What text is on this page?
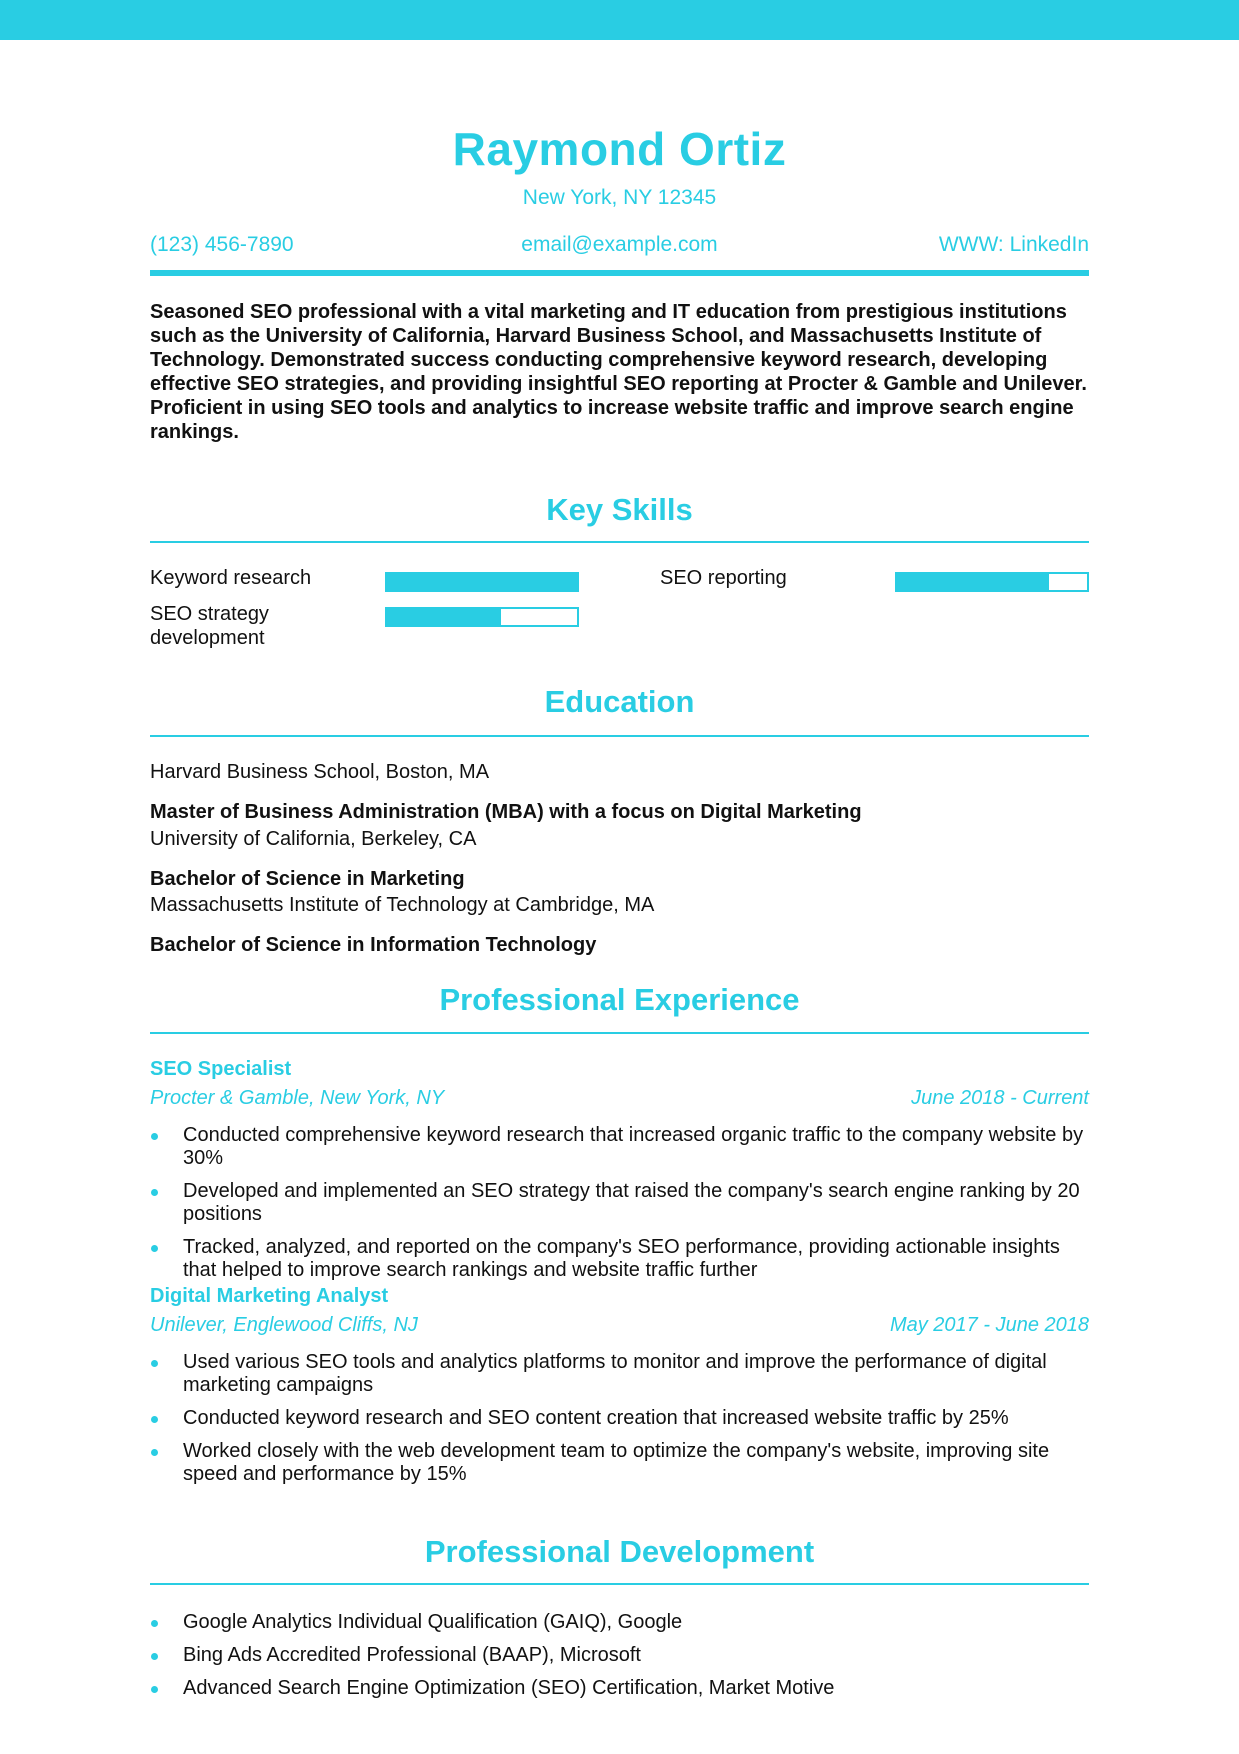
Raymond Ortiz
New York, NY 12345
(123) 456-7890	email@example.com	WWW: LinkedIn

Seasoned SEO professional with a vital marketing and IT education from prestigious institutions such as the University of California, Harvard Business School, and Massachusetts Institute of Technology. Demonstrated success conducting comprehensive keyword research, developing effective SEO strategies, and providing insightful SEO reporting at Procter & Gamble and Unilever. Proficient in using SEO tools and analytics to increase website traffic and improve search engine rankings.

Key Skills
Keyword research	SEO reporting
SEO strategy development
Education
Harvard Business School, Boston, MA
Master of Business Administration (MBA) with a focus on Digital Marketing
University of California, Berkeley, CA
Bachelor of Science in Marketing
Massachusetts Institute of Technology at Cambridge, MA
Bachelor of Science in Information Technology
Professional Experience
SEO Specialist
Procter & Gamble, New York, NY	June 2018 - Current
Conducted comprehensive keyword research that increased organic traffic to the company website by 30%
Developed and implemented an SEO strategy that raised the company's search engine ranking by 20 positions
Tracked, analyzed, and reported on the company's SEO performance, providing actionable insights that helped to improve search rankings and website traffic further
Digital Marketing Analyst
Unilever, Englewood Cliffs, NJ	May 2017 - June 2018
Used various SEO tools and analytics platforms to monitor and improve the performance of digital marketing campaigns
Conducted keyword research and SEO content creation that increased website traffic by 25%
Worked closely with the web development team to optimize the company's website, improving site speed and performance by 15%
Professional Development
Google Analytics Individual Qualification (GAIQ), Google
Bing Ads Accredited Professional (BAAP), Microsoft
Advanced Search Engine Optimization (SEO) Certification, Market Motive
